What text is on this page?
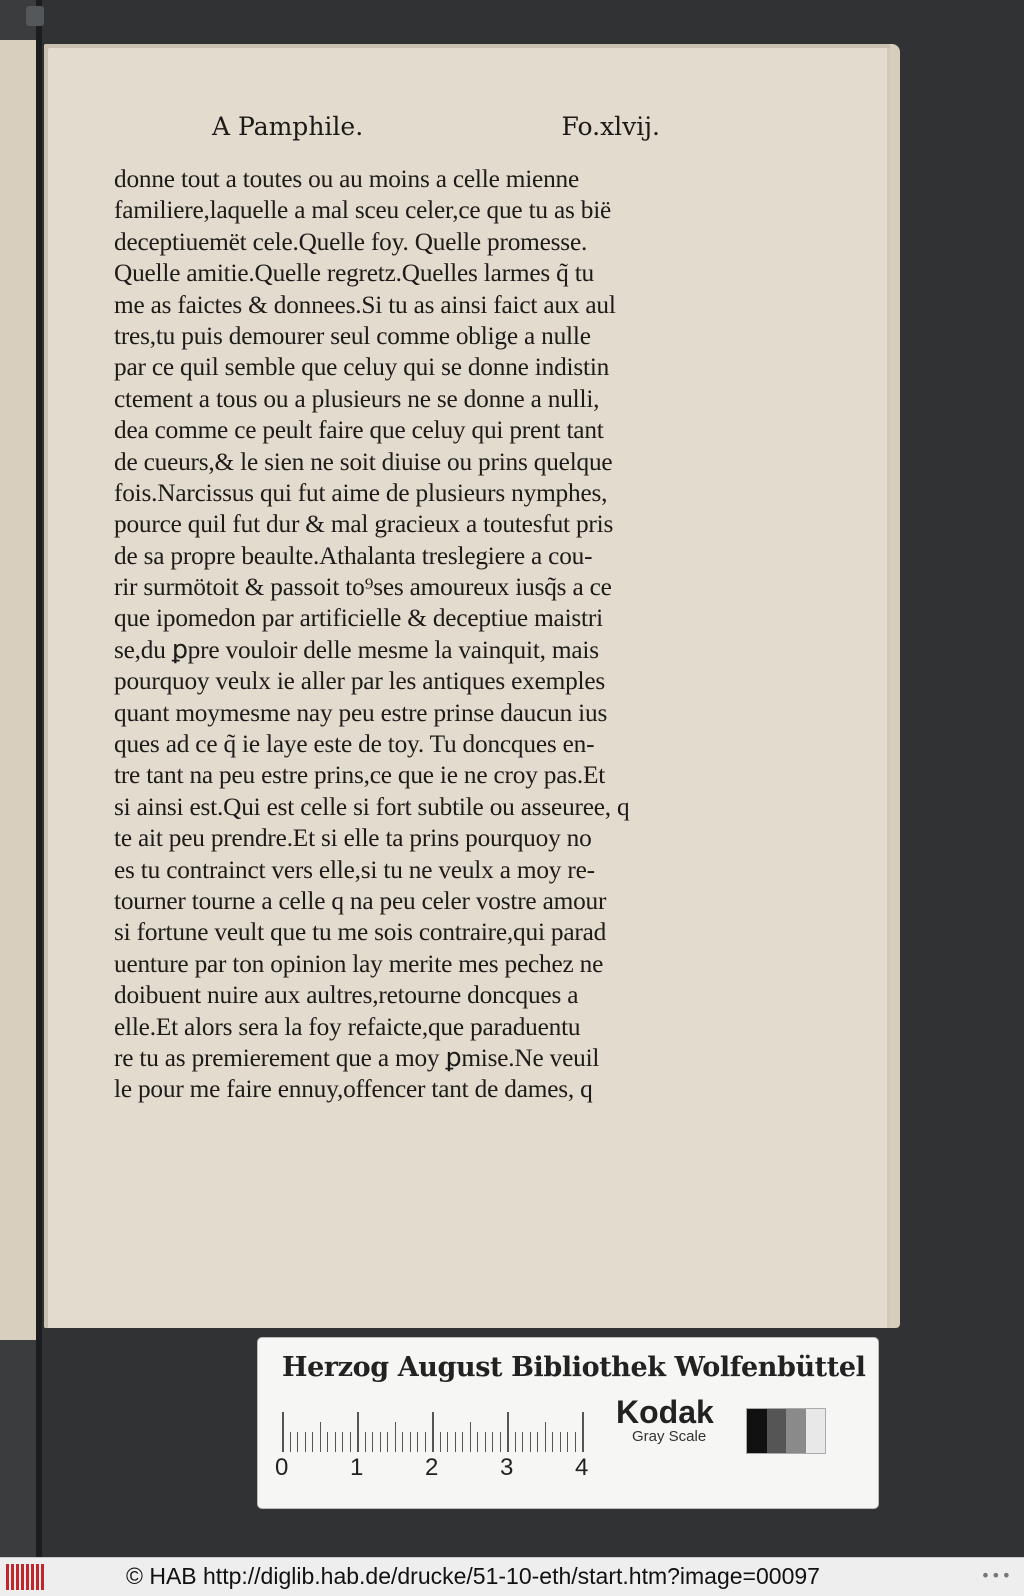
A Pamphile.	Fo.xlvij.
donne tout a toutes ou au moins a celle mienne
familiere,laquelle a mal sceu celer,ce que tu as bië
deceptiuemët cele.Quelle foy. Quelle promesse.
Quelle amitie.Quelle regretz.Quelles larmes q̃ tu
me as faictes & donnees.Si tu as ainsi faict aux aul
tres,tu puis demourer seul comme oblige a nulle
par ce quil semble que celuy qui se donne indistin
ctement a tous ou a plusieurs ne se donne a nulli,
dea comme ce peult faire que celuy qui prent tant
de cueurs,& le sien ne soit diuise ou prins quelque
fois.Narcissus qui fut aime de plusieurs nymphes,
pource quil fut dur & mal gracieux a toutesfut pris
de sa propre beaulte.Athalanta treslegiere a cou-
rir surmötoit & passoit to⁹ses amoureux iusq̃s a ce
que ipomedon par artificielle & deceptiue maistri
se,du ꝑpre vouloir delle mesme la vainquit, mais
pourquoy veulx ie aller par les antiques exemples
quant moymesme nay peu estre prinse daucun ius
ques ad ce q̃ ie laye este de toy. Tu doncques en-
tre tant na peu estre prins,ce que ie ne croy pas.Et
si ainsi est.Qui est celle si fort subtile ou asseuree, q
te ait peu prendre.Et si elle ta prins pourquoy no
es tu contrainct vers elle,si tu ne veulx a moy re-
tourner tourne a celle q na peu celer vostre amour
si fortune veult que tu me sois contraire,qui parad
uenture par ton opinion lay merite mes pechez ne
doibuent nuire aux aultres,retourne doncques a
elle.Et alors sera la foy refaicte,que paraduentu
re tu as premierement que a moy ꝑmise.Ne veuil
le pour me faire ennuy,offencer tant de dames, q
Herzog August Bibliothek Wolfenbüttel
0	1	2	3	4
Kodak
Gray Scale
© HAB http://diglib.hab.de/drucke/51-10-eth/start.htm?image=00097	•••
